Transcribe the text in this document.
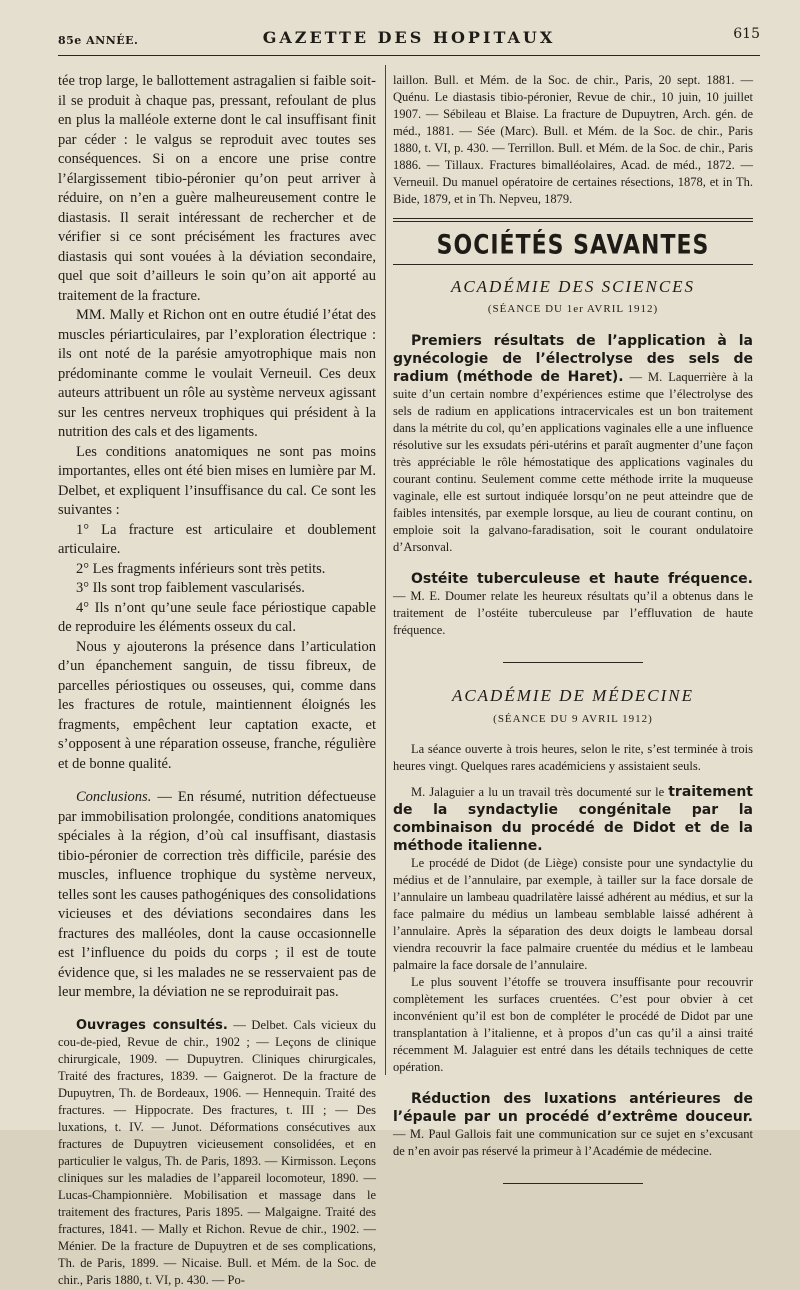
85e ANNÉE.	GAZETTE DES HOPITAUX	615

tée trop large, le ballottement astragalien si faible soit-il se produit à chaque pas, pressant, refoulant de plus en plus la malléole externe dont le cal insuffisant finit par céder : le valgus se reproduit avec toutes ses conséquences. Si on a encore une prise contre l’élargissement tibio-péronier qu’on peut arriver à réduire, on n’en a guère malheureusement contre le diastasis. Il serait intéressant de rechercher et de vérifier si ce sont précisément les fractures avec diastasis qui sont vouées à la déviation secondaire, quel que soit d’ailleurs le soin qu’on ait apporté au traitement de la fracture.

MM. Mally et Richon ont en outre étudié l’état des muscles périarticulaires, par l’exploration électrique : ils ont noté de la parésie amyotrophique mais non prédominante comme le voulait Verneuil. Ces deux auteurs attribuent un rôle au système nerveux agissant sur les centres nerveux trophiques qui président à la nutrition des cals et des ligaments.

Les conditions anatomiques ne sont pas moins importantes, elles ont été bien mises en lumière par M. Delbet, et expliquent l’insuffisance du cal. Ce sont les suivantes :

1° La fracture est articulaire et doublement articulaire.

2° Les fragments inférieurs sont très petits.

3° Ils sont trop faiblement vascularisés.

4° Ils n’ont qu’une seule face périostique capable de reproduire les éléments osseux du cal.

Nous y ajouterons la présence dans l’articulation d’un épanchement sanguin, de tissu fibreux, de parcelles périostiques ou osseuses, qui, comme dans les fractures de rotule, maintiennent éloignés les fragments, empêchent leur captation exacte, et s’opposent à une réparation osseuse, franche, régulière et de bonne qualité.

Conclusions. — En résumé, nutrition défectueuse par immobilisation prolongée, conditions anatomiques spéciales à la région, d’où cal insuffisant, diastasis tibio-péronier de correction très difficile, parésie des muscles, influence trophique du système nerveux, telles sont les causes pathogéniques des consolidations vicieuses et des déviations secondaires dans les fractures des malléoles, dont la cause occasionnelle est l’influence du poids du corps ; il est de toute évidence que, si les malades ne se resservaient pas de leur membre, la déviation ne se reproduirait pas.

Ouvrages consultés. — Delbet. Cals vicieux du cou-de-pied, Revue de chir., 1902 ; — Leçons de clinique chirurgicale, 1909. — Dupuytren. Cliniques chirurgicales, Traité des fractures, 1839. — Gaignerot. De la fracture de Dupuytren, Th. de Bordeaux, 1906. — Hennequin. Traité des fractures. — Hippocrate. Des fractures, t. III ; — Des luxations, t. IV. — Junot. Déformations consécutives aux fractures de Dupuytren vicieusement consolidées, et en particulier le valgus, Th. de Paris, 1893. — Kirmisson. Leçons cliniques sur les maladies de l’appareil locomoteur, 1890. — Lucas-Championnière. Mobilisation et massage dans le traitement des fractures, Paris 1895. — Malgaigne. Traité des fractures, 1841. — Mally et Richon. Revue de chir., 1902. — Ménier. De la fracture de Dupuytren et de ses complications, Th. de Paris, 1899. — Nicaise. Bull. et Mém. de la Soc. de chir., Paris 1880, t. VI, p. 430. — Po-

laillon. Bull. et Mém. de la Soc. de chir., Paris, 20 sept. 1881. — Quénu. Le diastasis tibio-péronier, Revue de chir., 10 juin, 10 juillet 1907. — Sébileau et Blaise. La fracture de Dupuytren, Arch. gén. de méd., 1881. — Sée (Marc). Bull. et Mém. de la Soc. de chir., Paris 1880, t. VI, p. 430. — Terrillon. Bull. et Mém. de la Soc. de chir., Paris 1886. — Tillaux. Fractures bimalléolaires, Acad. de méd., 1872. — Verneuil. Du manuel opératoire de certaines résections, 1878, et in Th. Bide, 1879, et in Th. Nepveu, 1879.

SOCIÉTÉS SAVANTES
ACADÉMIE DES SCIENCES
(SÉANCE DU 1er AVRIL 1912)

Premiers résultats de l’application à la gynécologie de l’électrolyse des sels de radium (méthode de Haret). — M. Laquerrière à la suite d’un certain nombre d’expériences estime que l’électrolyse des sels de radium en applications intracervicales est un bon traitement dans la métrite du col, qu’en applications vaginales elle a une influence résolutive sur les exsudats péri-utérins et paraît augmenter d’une façon très appréciable le rôle hémostatique des applications vaginales du courant continu. Seulement comme cette méthode irrite la muqueuse vaginale, elle est surtout indiquée lorsqu’on ne peut atteindre que de faibles intensités, par exemple lorsque, au lieu de courant continu, on emploie soit la galvano-faradisation, soit le courant ondulatoire d’Arsonval.

Ostéite tuberculeuse et haute fréquence. — M. E. Doumer relate les heureux résultats qu’il a obtenus dans le traitement de l’ostéite tuberculeuse par l’effluvation de haute fréquence.

ACADÉMIE DE MÉDECINE
(SÉANCE DU 9 AVRIL 1912)

La séance ouverte à trois heures, selon le rite, s’est terminée à trois heures vingt. Quelques rares académiciens y assistaient seuls.

M. Jalaguier a lu un travail très documenté sur le traitement de la syndactylie congénitale par la combinaison du procédé de Didot et de la méthode italienne.

Le procédé de Didot (de Liège) consiste pour une syndactylie du médius et de l’annulaire, par exemple, à tailler sur la face dorsale de l’annulaire un lambeau quadrilatère laissé adhérent au médius, et sur la face palmaire du médius un lambeau semblable laissé adhérent à l’annulaire. Après la séparation des deux doigts le lambeau dorsal viendra recouvrir la face palmaire cruentée du médius et le lambeau palmaire la face dorsale de l’annulaire.

Le plus souvent l’étoffe se trouvera insuffisante pour recouvrir complètement les surfaces cruentées. C’est pour obvier à cet inconvénient qu’il est bon de compléter le procédé de Didot par une transplantation à l’italienne, et à propos d’un cas qu’il a ainsi traité récemment M. Jalaguier est entré dans les détails techniques de cette opération.

Réduction des luxations antérieures de l’épaule par un procédé d’extrême douceur. — M. Paul Gallois fait une communication sur ce sujet en s’excusant de n’en avoir pas réservé la primeur à l’Académie de médecine.
